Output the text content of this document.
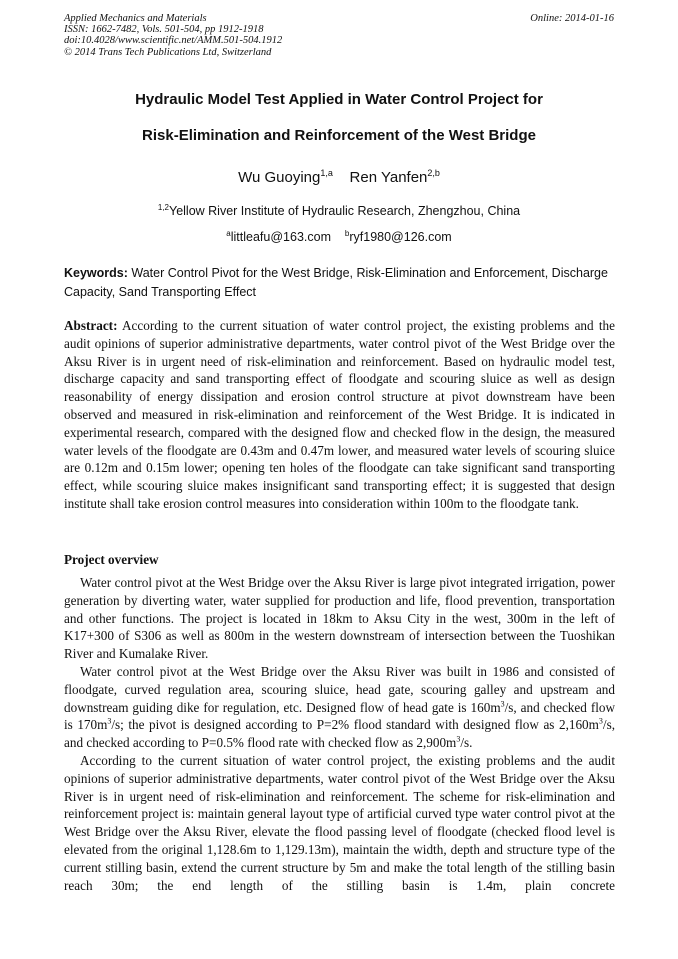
Applied Mechanics and Materials
ISSN: 1662-7482, Vols. 501-504, pp 1912-1918
doi:10.4028/www.scientific.net/AMM.501-504.1912
© 2014 Trans Tech Publications Ltd, Switzerland
Online: 2014-01-16
Hydraulic Model Test Applied in Water Control Project for
Risk-Elimination and Reinforcement of the West Bridge
Wu Guoying$^{1,a}$ Ren Yanfen$^{2,b}$
$^{1,2}$Yellow River Institute of Hydraulic Research, Zhengzhou, China
$^a$littleafu@163.com $^b$ryf1980@126.com
Keywords: Water Control Pivot for the West Bridge, Risk-Elimination and Enforcement, Discharge Capacity, Sand Transporting Effect
Abstract: According to the current situation of water control project, the existing problems and the audit opinions of superior administrative departments, water control pivot of the West Bridge over the Aksu River is in urgent need of risk-elimination and reinforcement. Based on hydraulic model test, discharge capacity and sand transporting effect of floodgate and scouring sluice as well as design reasonability of energy dissipation and erosion control structure at pivot downstream have been observed and measured in risk-elimination and reinforcement of the West Bridge. It is indicated in experimental research, compared with the designed flow and checked flow in the design, the measured water levels of the floodgate are 0.43m and 0.47m lower, and measured water levels of scouring sluice are 0.12m and 0.15m lower; opening ten holes of the floodgate can take significant sand transporting effect, while scouring sluice makes insignificant sand transporting effect; it is suggested that design institute shall take erosion control measures into consideration within 100m to the floodgate tank.
Project overview

Water control pivot at the West Bridge over the Aksu River is large pivot integrated irrigation, power generation by diverting water, water supplied for production and life, flood prevention, transportation and other functions. The project is located in 18km to Aksu City in the west, 300m in the left of K17+300 of S306 as well as 800m in the western downstream of intersection between the Tuoshikan River and Kumalake River.

Water control pivot at the West Bridge over the Aksu River was built in 1986 and consisted of floodgate, curved regulation area, scouring sluice, head gate, scouring galley and upstream and downstream guiding dike for regulation, etc. Designed flow of head gate is $160m^3/s$, and checked flow is $170m^3/s$; the pivot is designed according to P=2% flood standard with designed flow as $2,160m^3/s$, and checked according to P=0.5% flood rate with checked flow as $2,900m^3/s$.

According to the current situation of water control project, the existing problems and the audit opinions of superior administrative departments, water control pivot of the West Bridge over the Aksu River is in urgent need of risk-elimination and reinforcement. The scheme for risk-elimination and reinforcement project is: maintain general layout type of artificial curved type water control pivot at the West Bridge over the Aksu River, elevate the flood passing level of floodgate (checked flood level is elevated from the original 1,128.6m to 1,129.13m), maintain the width, depth and structure type of the current stilling basin, extend the current structure by 5m and make the total length of the stilling basin reach 30m; the end length of the stilling basin is 1.4m, plain concrete
